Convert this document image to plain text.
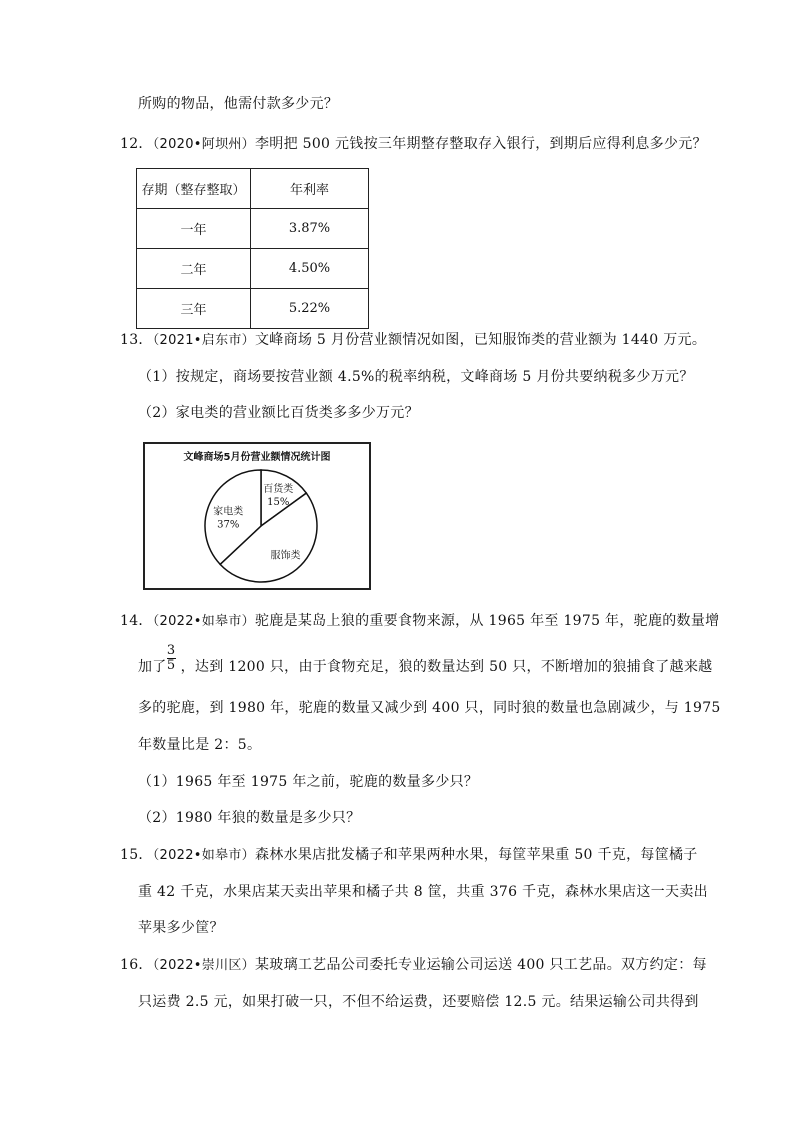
所购的物品，他需付款多少元？
12．（2020•阿坝州）李明把 500 元钱按三年期整存整取存入银行，到期后应得利息多少元？
存期（整存整取）	年利率
一年	3.87%
二年	4.50%
三年	5.22%
13．（2021•启东市）文峰商场 5 月份营业额情况如图，已知服饰类的营业额为 1440 万元。
（1）按规定，商场要按营业额 4.5%的税率纳税，文峰商场 5 月份共要纳税多少万元？
（2）家电类的营业额比百货类多多少万元？
文峰商场5月份营业额情况统计图
百货类
15%
服饰类
家电类
37%
14．（2022•如皋市）驼鹿是某岛上狼的重要食物来源，从 1965 年至 1975 年，驼鹿的数量增
加了 ，达到 1200 只，由于食物充足，狼的数量达到 50 只，不断增加的狼捕食了越来越
3
5
多的驼鹿，到 1980 年，驼鹿的数量又减少到 400 只，同时狼的数量也急剧减少，与 1975
年数量比是 2：5。
（1）1965 年至 1975 年之前，驼鹿的数量多少只？
（2）1980 年狼的数量是多少只？
15．（2022•如皋市）森林水果店批发橘子和苹果两种水果，每筐苹果重 50 千克，每筐橘子
重 42 千克，水果店某天卖出苹果和橘子共 8 筐，共重 376 千克，森林水果店这一天卖出
苹果多少筐？
16．（2022•崇川区）某玻璃工艺品公司委托专业运输公司运送 400 只工艺品。双方约定：每
只运费 2.5 元，如果打破一只，不但不给运费，还要赔偿 12.5 元。结果运输公司共得到
